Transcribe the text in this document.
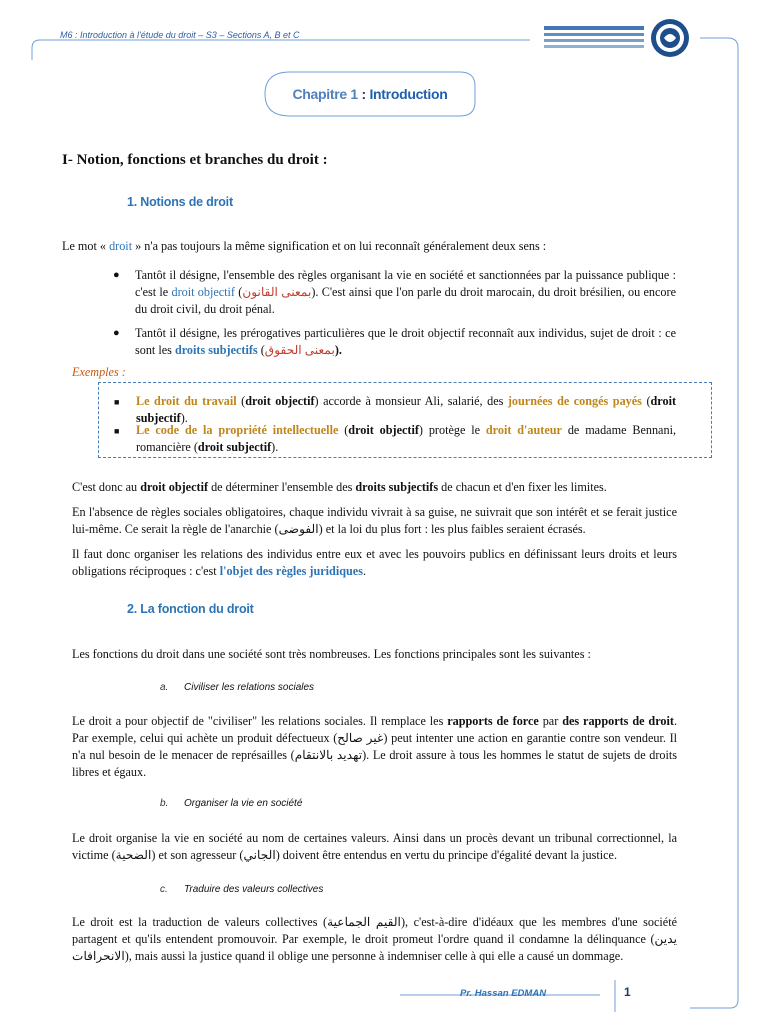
M6 : Introduction à l'étude du droit – S3 – Sections A, B et C
Chapitre 1 : Introduction
I- Notion, fonctions et branches du droit :
1. Notions de droit
Le mot « droit » n'a pas toujours la même signification et on lui reconnaît généralement deux sens :
● Tantôt il désigne, l'ensemble des règles organisant la vie en société et sanctionnées par la puissance publique : c'est le droit objectif (بمعنى القانون). C'est ainsi que l'on parle du droit marocain, du droit brésilien, ou encore du droit civil, du droit pénal.
● Tantôt il désigne, les prérogatives particulières que le droit objectif reconnaît aux individus, sujet de droit : ce sont les droits subjectifs (بمعنى الحقوق).
Exemples :
■ Le droit du travail (droit objectif) accorde à monsieur Ali, salarié, des journées de congés payés (droit subjectif).
■ Le code de la propriété intellectuelle (droit objectif) protège le droit d'auteur de madame Bennani, romancière (droit subjectif).
C'est donc au droit objectif de déterminer l'ensemble des droits subjectifs de chacun et d'en fixer les limites.
En l'absence de règles sociales obligatoires, chaque individu vivrait à sa guise, ne suivrait que son intérêt et se ferait justice lui-même. Ce serait la règle de l'anarchie (الفوضى) et la loi du plus fort : les plus faibles seraient écrasés.
Il faut donc organiser les relations des individus entre eux et avec les pouvoirs publics en définissant leurs droits et leurs obligations réciproques : c'est l'objet des règles juridiques.
2. La fonction du droit
Les fonctions du droit dans une société sont très nombreuses. Les fonctions principales sont les suivantes :
a. Civiliser les relations sociales
Le droit a pour objectif de "civiliser" les relations sociales. Il remplace les rapports de force par des rapports de droit. Par exemple, celui qui achète un produit défectueux (غير صالح) peut intenter une action en garantie contre son vendeur. Il n'a nul besoin de le menacer de représailles (تهديد بالانتقام). Le droit assure à tous les hommes le statut de sujets de droits libres et égaux.
b. Organiser la vie en société
Le droit organise la vie en société au nom de certaines valeurs. Ainsi dans un procès devant un tribunal correctionnel, la victime (الضحية) et son agresseur (الجاني) doivent être entendus en vertu du principe d'égalité devant la justice.
c. Traduire des valeurs collectives
Le droit est la traduction de valeurs collectives (القيم الجماعية), c'est-à-dire d'idéaux que les membres d'une société partagent et qu'ils entendent promouvoir. Par exemple, le droit promeut l'ordre quand il condamne la délinquance (يدين الانحرافات), mais aussi la justice quand il oblige une personne à indemniser celle à qui elle a causé un dommage.
Pr. Hassan EDMAN	1
